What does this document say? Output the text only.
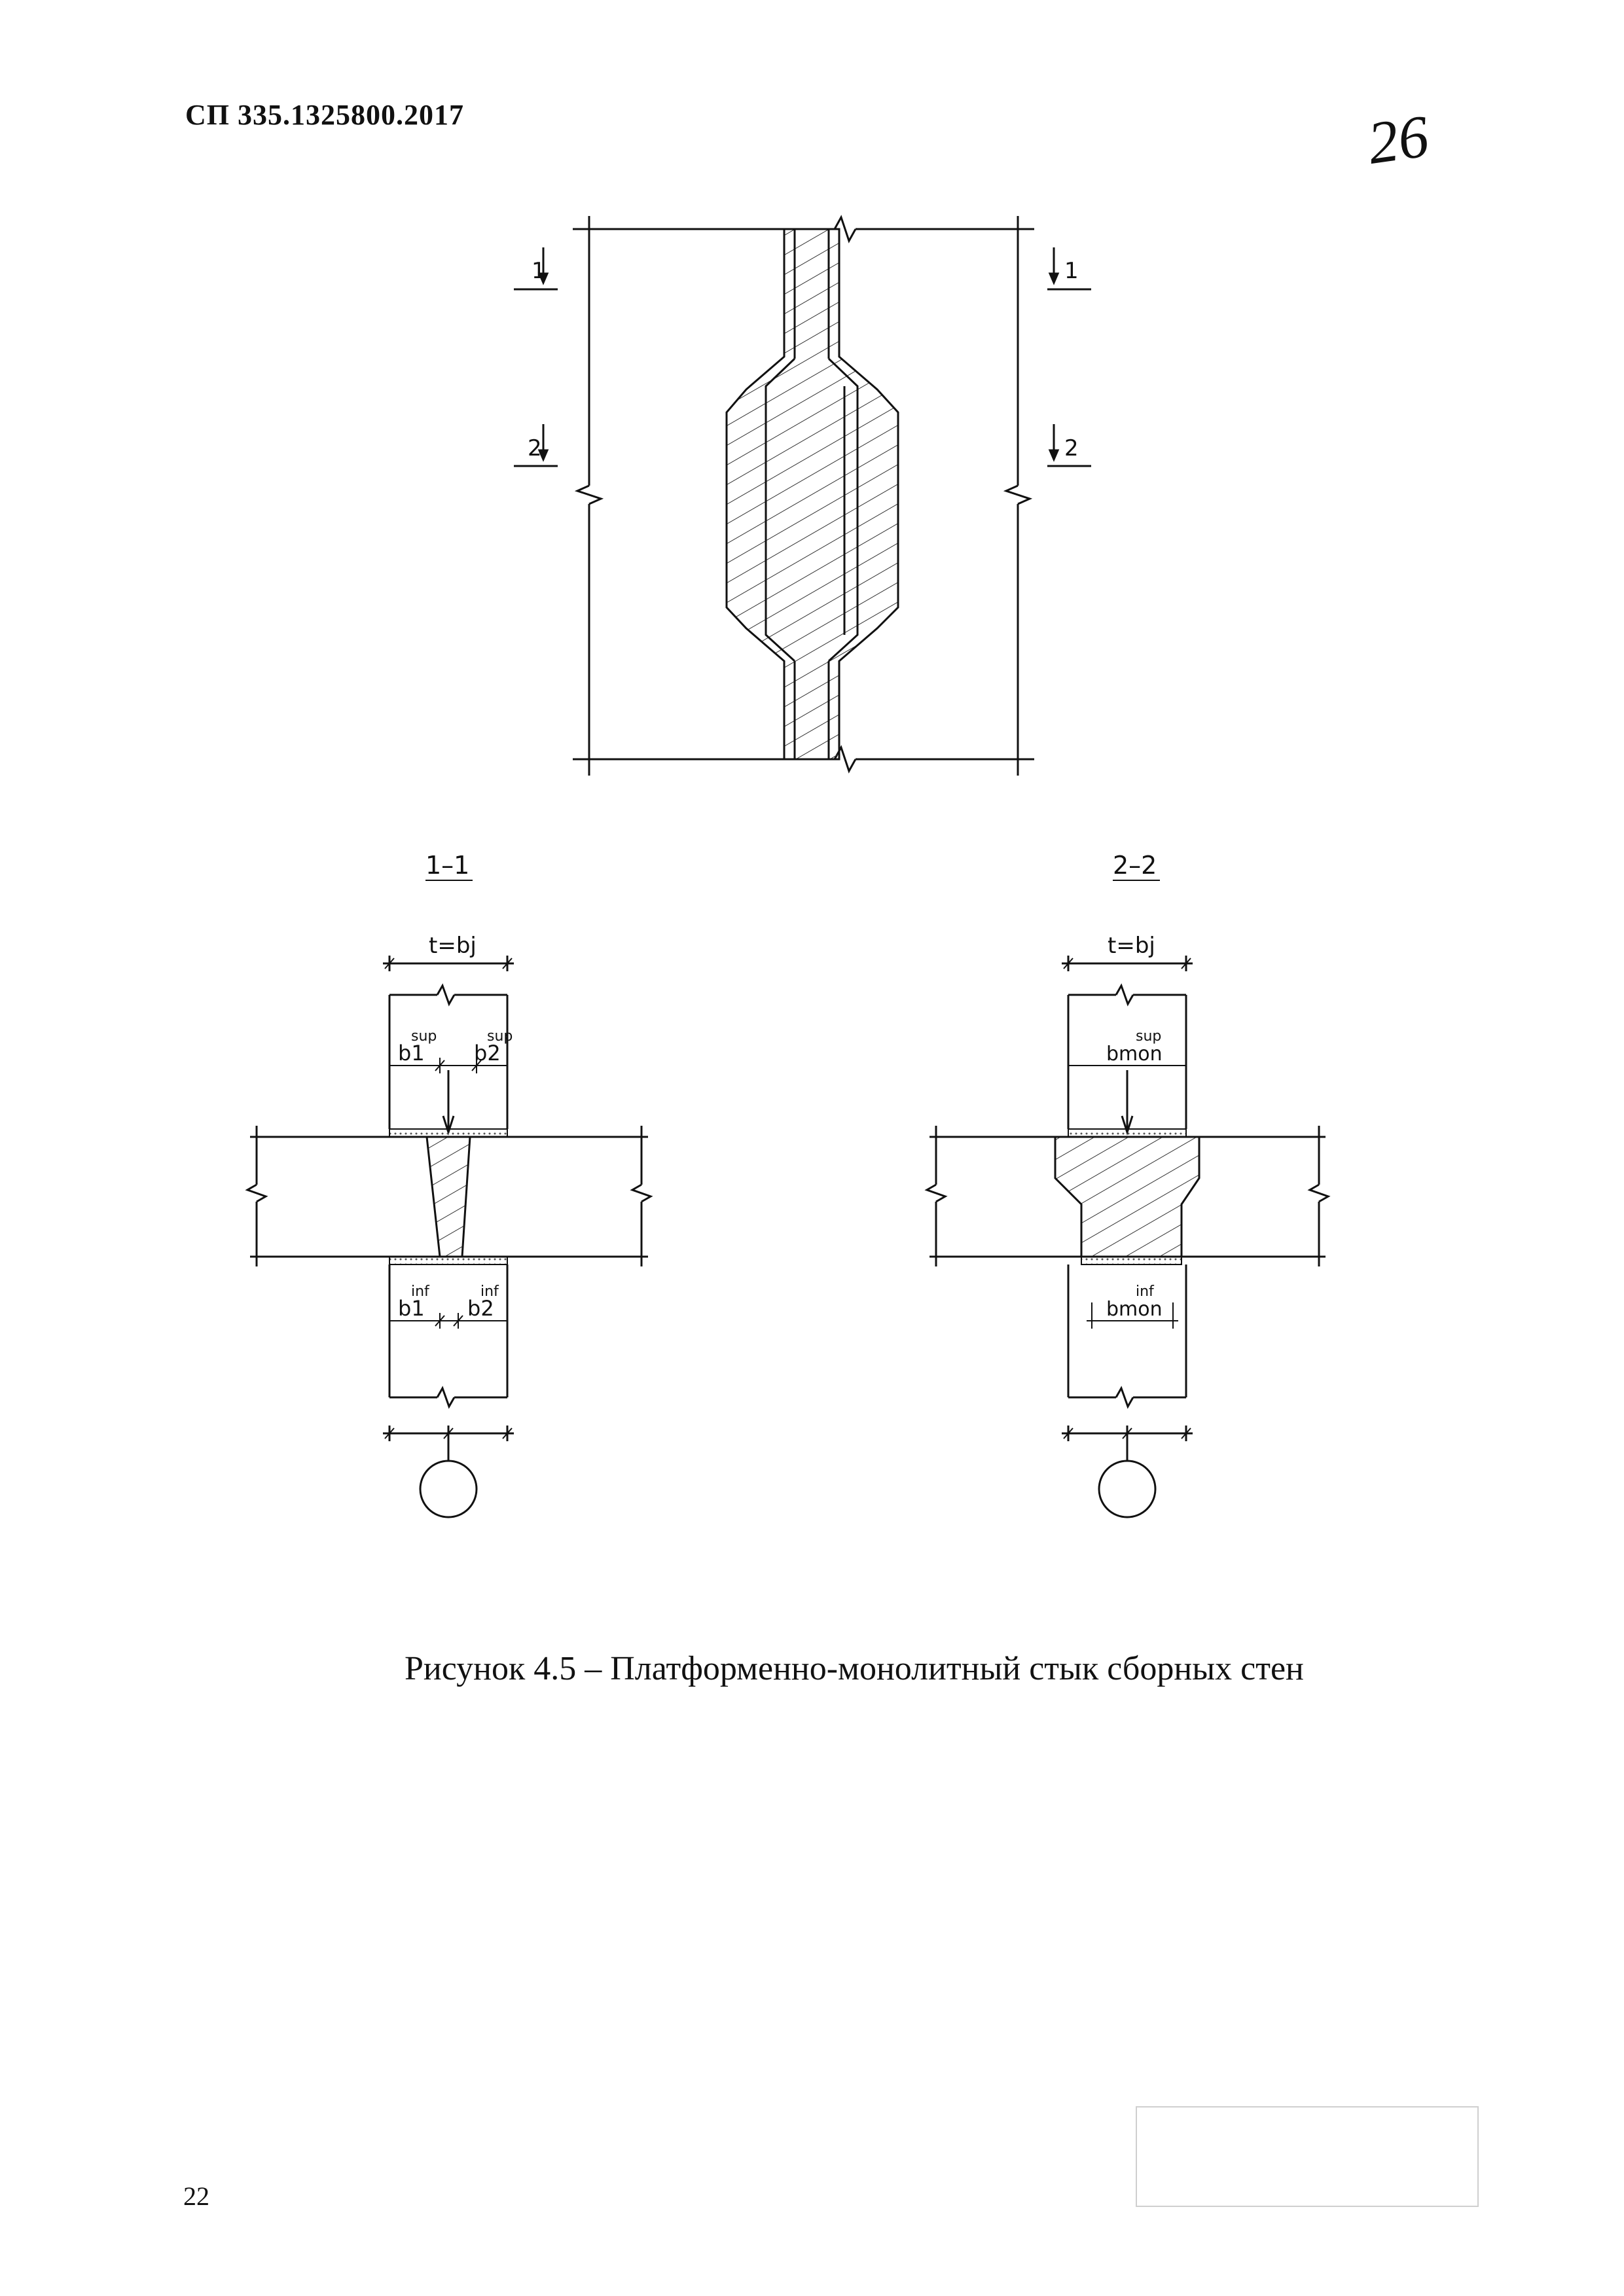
СП 335.1325800.2017	26
1
2
1
2
1–1
t=bj
b1
sup
b2
sup
b1
inf
b2
inf
2–2
t=bj
bmon
sup
bmon
inf
Рисунок 4.5 – Платформенно-монолитный стык сборных стен
22
